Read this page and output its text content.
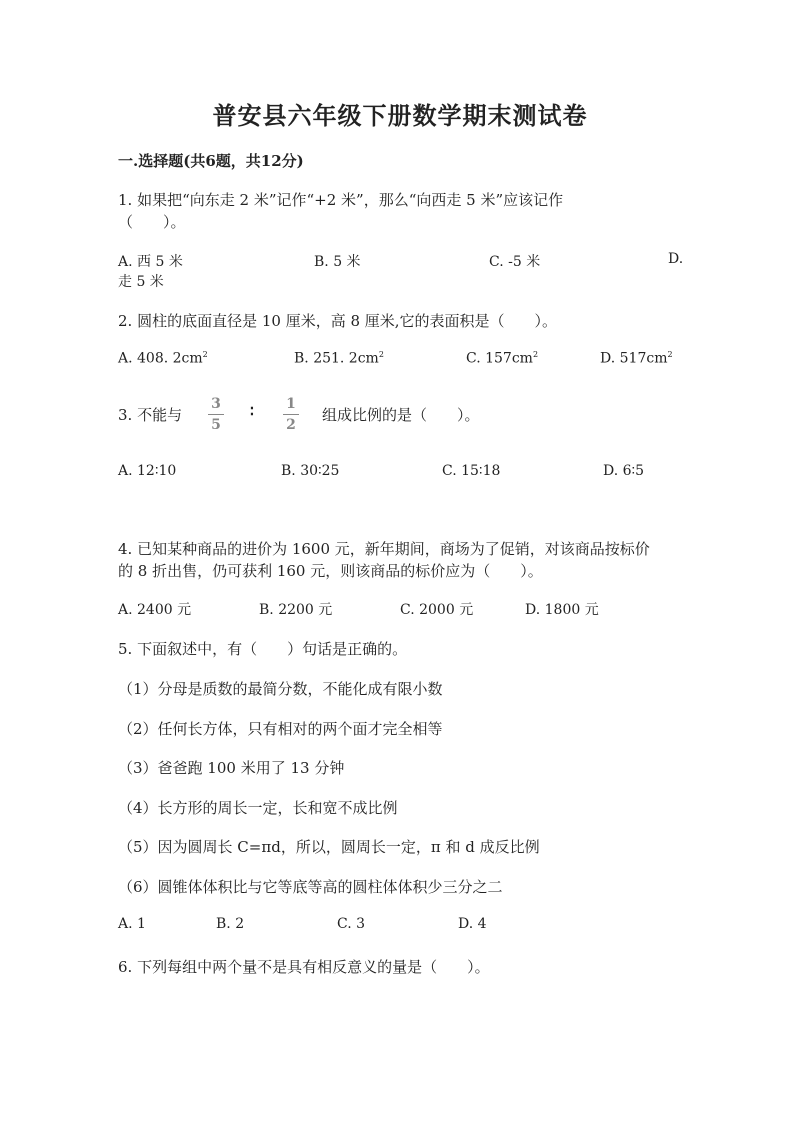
普安县六年级下册数学期末测试卷
一.选择题(共6题，共12分)
1. 如果把“向东走 2 米”记作“+2 米”，那么“向西走 5 米”应该记作
（　　）。
A. 西 5 米	B. 5 米	C. -5 米	D.
走 5 米
2. 圆柱的底面直径是 10 厘米，高 8 厘米,它的表面积是（　　）。
A. 408. $2cm^2$	B. 251. $2cm^2$	C. $157cm^2$	D. $517cm^2$
3. 不能与
3
5
∶	1
2
组成比例的是（　　）。
A. 12∶10	B. 30∶25	C. 15∶18	D. 6∶5
4. 已知某种商品的进价为 1600 元，新年期间，商场为了促销，对该商品按标价
的 8 折出售，仍可获利 160 元，则该商品的标价应为（　　）。
A. 2400 元	B. 2200 元	C. 2000 元	D. 1800 元
5. 下面叙述中，有（　　）句话是正确的。
（1）分母是质数的最简分数，不能化成有限小数
（2）任何长方体，只有相对的两个面才完全相等
（3）爸爸跑 100 米用了 13 分钟
（4）长方形的周长一定，长和宽不成比例
（5）因为圆周长 C=πd，所以，圆周长一定，π 和 d 成反比例
（6）圆锥体体积比与它等底等高的圆柱体体积少三分之二
A. 1	B. 2	C. 3	D. 4
6. 下列每组中两个量不是具有相反意义的量是（　　）。
